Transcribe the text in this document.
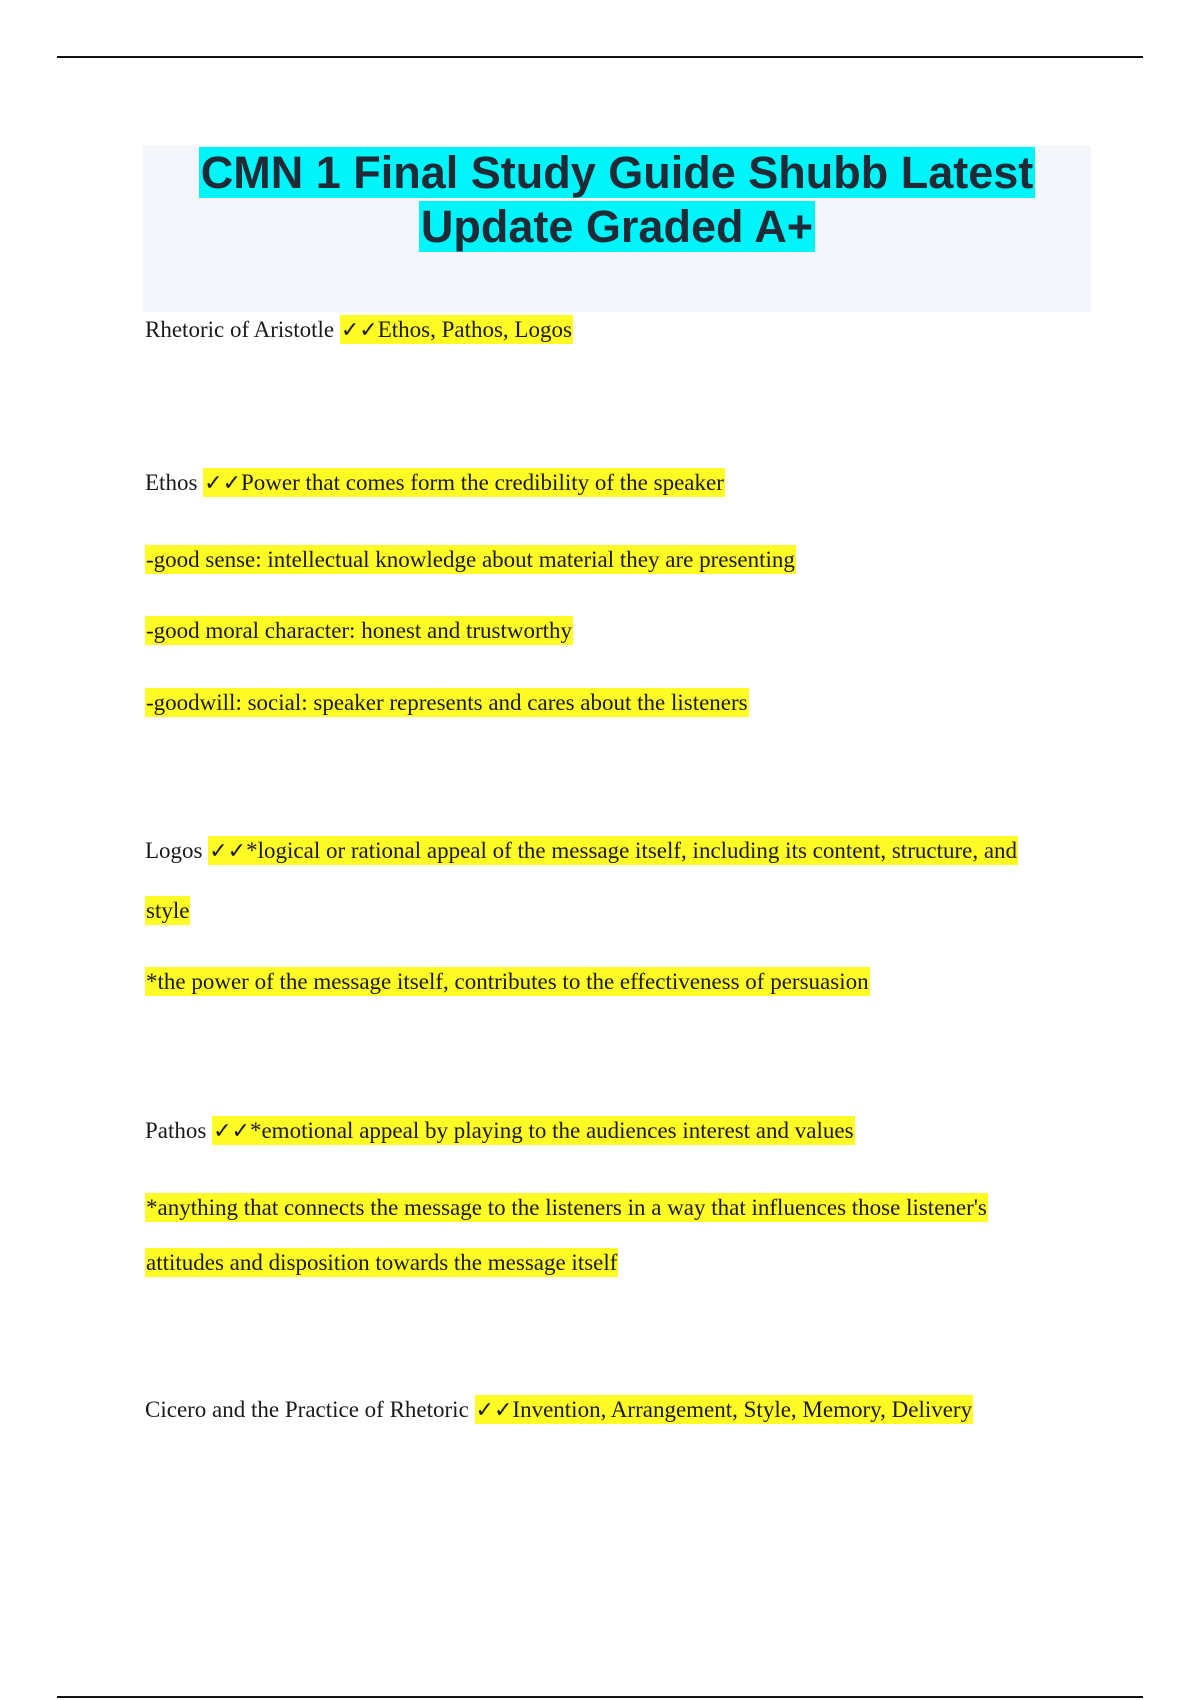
CMN 1 Final Study Guide Shubb Latest
Update Graded A+

Rhetoric of Aristotle ✓✓Ethos, Pathos, Logos

Ethos ✓✓Power that comes form the credibility of the speaker

-good sense: intellectual knowledge about material they are presenting

-good moral character: honest and trustworthy

-goodwill: social: speaker represents and cares about the listeners

Logos ✓✓*logical or rational appeal of the message itself, including its content, structure, and

style

*the power of the message itself, contributes to the effectiveness of persuasion

Pathos ✓✓*emotional appeal by playing to the audiences interest and values

*anything that connects the message to the listeners in a way that influences those listener's

attitudes and disposition towards the message itself

Cicero and the Practice of Rhetoric ✓✓Invention, Arrangement, Style, Memory, Delivery
